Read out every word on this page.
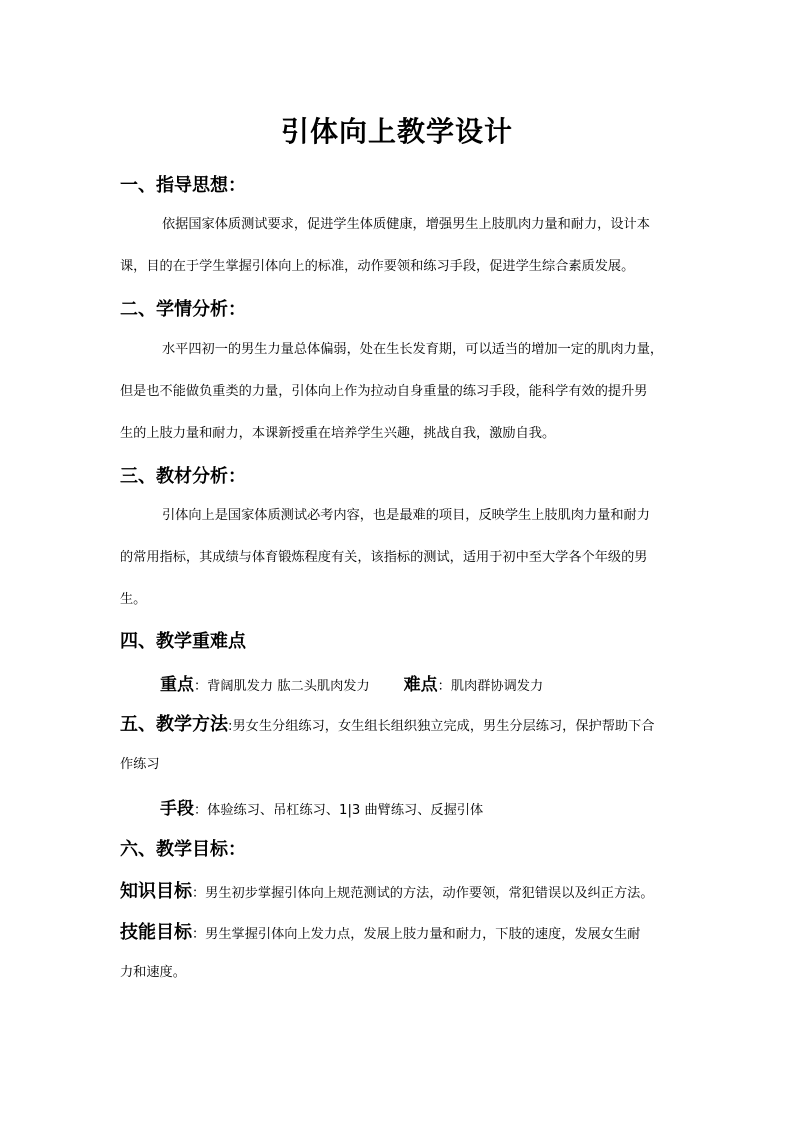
引体向上教学设计
一、指导思想：
依据国家体质测试要求，促进学生体质健康，增强男生上肢肌肉力量和耐力，设计本
课，目的在于学生掌握引体向上的标准，动作要领和练习手段，促进学生综合素质发展。
二、学情分析：
水平四初一的男生力量总体偏弱，处在生长发育期，可以适当的增加一定的肌肉力量，
但是也不能做负重类的力量，引体向上作为拉动自身重量的练习手段，能科学有效的提升男
生的上肢力量和耐力，本课新授重在培养学生兴趣，挑战自我，激励自我。
三、教材分析：
引体向上是国家体质测试必考内容，也是最难的项目，反映学生上肢肌肉力量和耐力
的常用指标，其成绩与体育锻炼程度有关，该指标的测试，适用于初中至大学各个年级的男
生。
四、教学重难点
重点：背阔肌发力 肱二头肌肉发力 难点：肌肉群协调发力
五、教学方法:男女生分组练习，女生组长组织独立完成，男生分层练习，保护帮助下合
作练习
手段：体验练习、吊杠练习、1|3 曲臂练习、反握引体
六、教学目标：
知识目标：男生初步掌握引体向上规范测试的方法，动作要领，常犯错误以及纠正方法。
技能目标：男生掌握引体向上发力点，发展上肢力量和耐力，下肢的速度，发展女生耐
力和速度。
